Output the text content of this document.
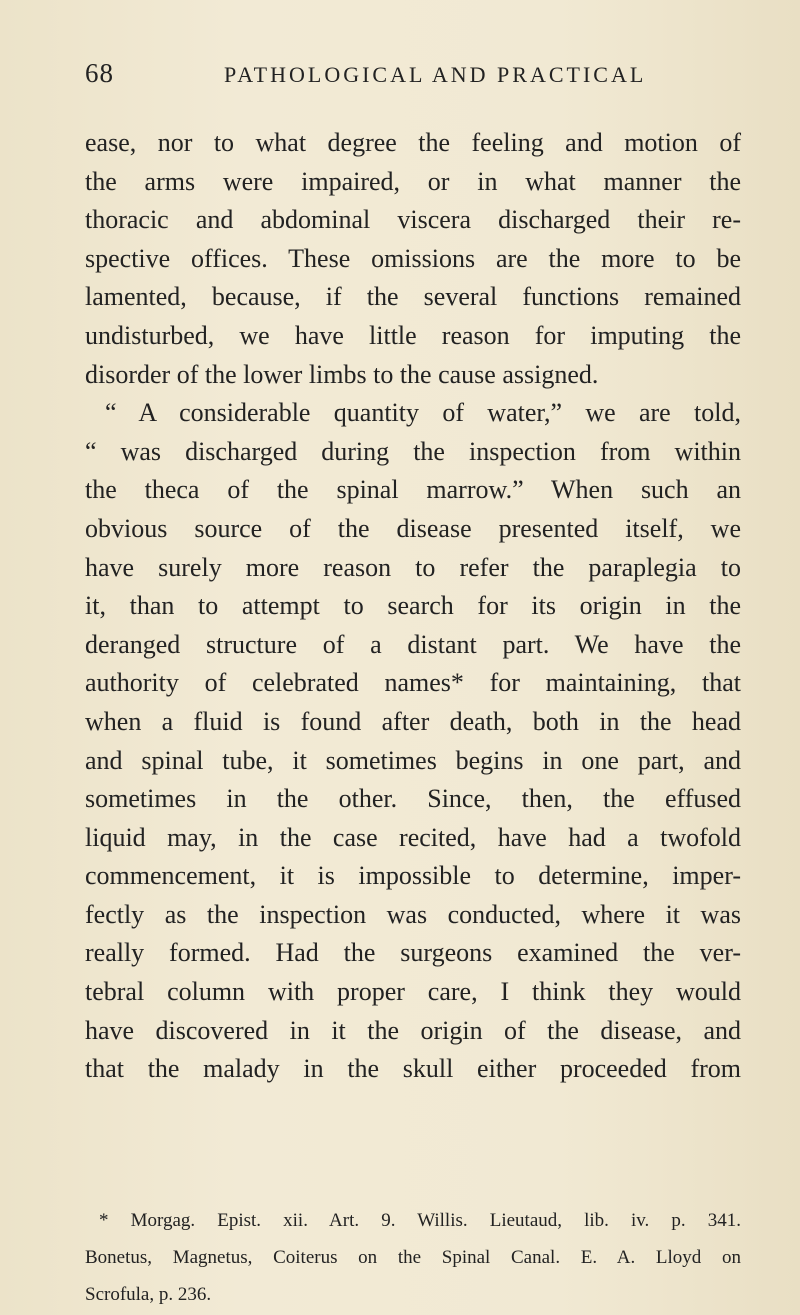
68	PATHOLOGICAL AND PRACTICAL
ease, nor to what degree the feeling and motion of
the arms were impaired, or in what manner the
thoracic and abdominal viscera discharged their re-
spective offices. These omissions are the more to be
lamented, because, if the several functions remained
undisturbed, we have little reason for imputing the
disorder of the lower limbs to the cause assigned.
“ A considerable quantity of water,” we are told,
“ was discharged during the inspection from within
the theca of the spinal marrow.” When such an
obvious source of the disease presented itself, we
have surely more reason to refer the paraplegia to
it, than to attempt to search for its origin in the
deranged structure of a distant part. We have the
authority of celebrated names* for maintaining, that
when a fluid is found after death, both in the head
and spinal tube, it sometimes begins in one part, and
sometimes in the other. Since, then, the effused
liquid may, in the case recited, have had a twofold
commencement, it is impossible to determine, imper-
fectly as the inspection was conducted, where it was
really formed. Had the surgeons examined the ver-
tebral column with proper care, I think they would
have discovered in it the origin of the disease, and
that the malady in the skull either proceeded from
* Morgag. Epist. xii. Art. 9. Willis. Lieutaud, lib. iv. p. 341.
Bonetus, Magnetus, Coiterus on the Spinal Canal. E. A. Lloyd on
Scrofula, p. 236.
